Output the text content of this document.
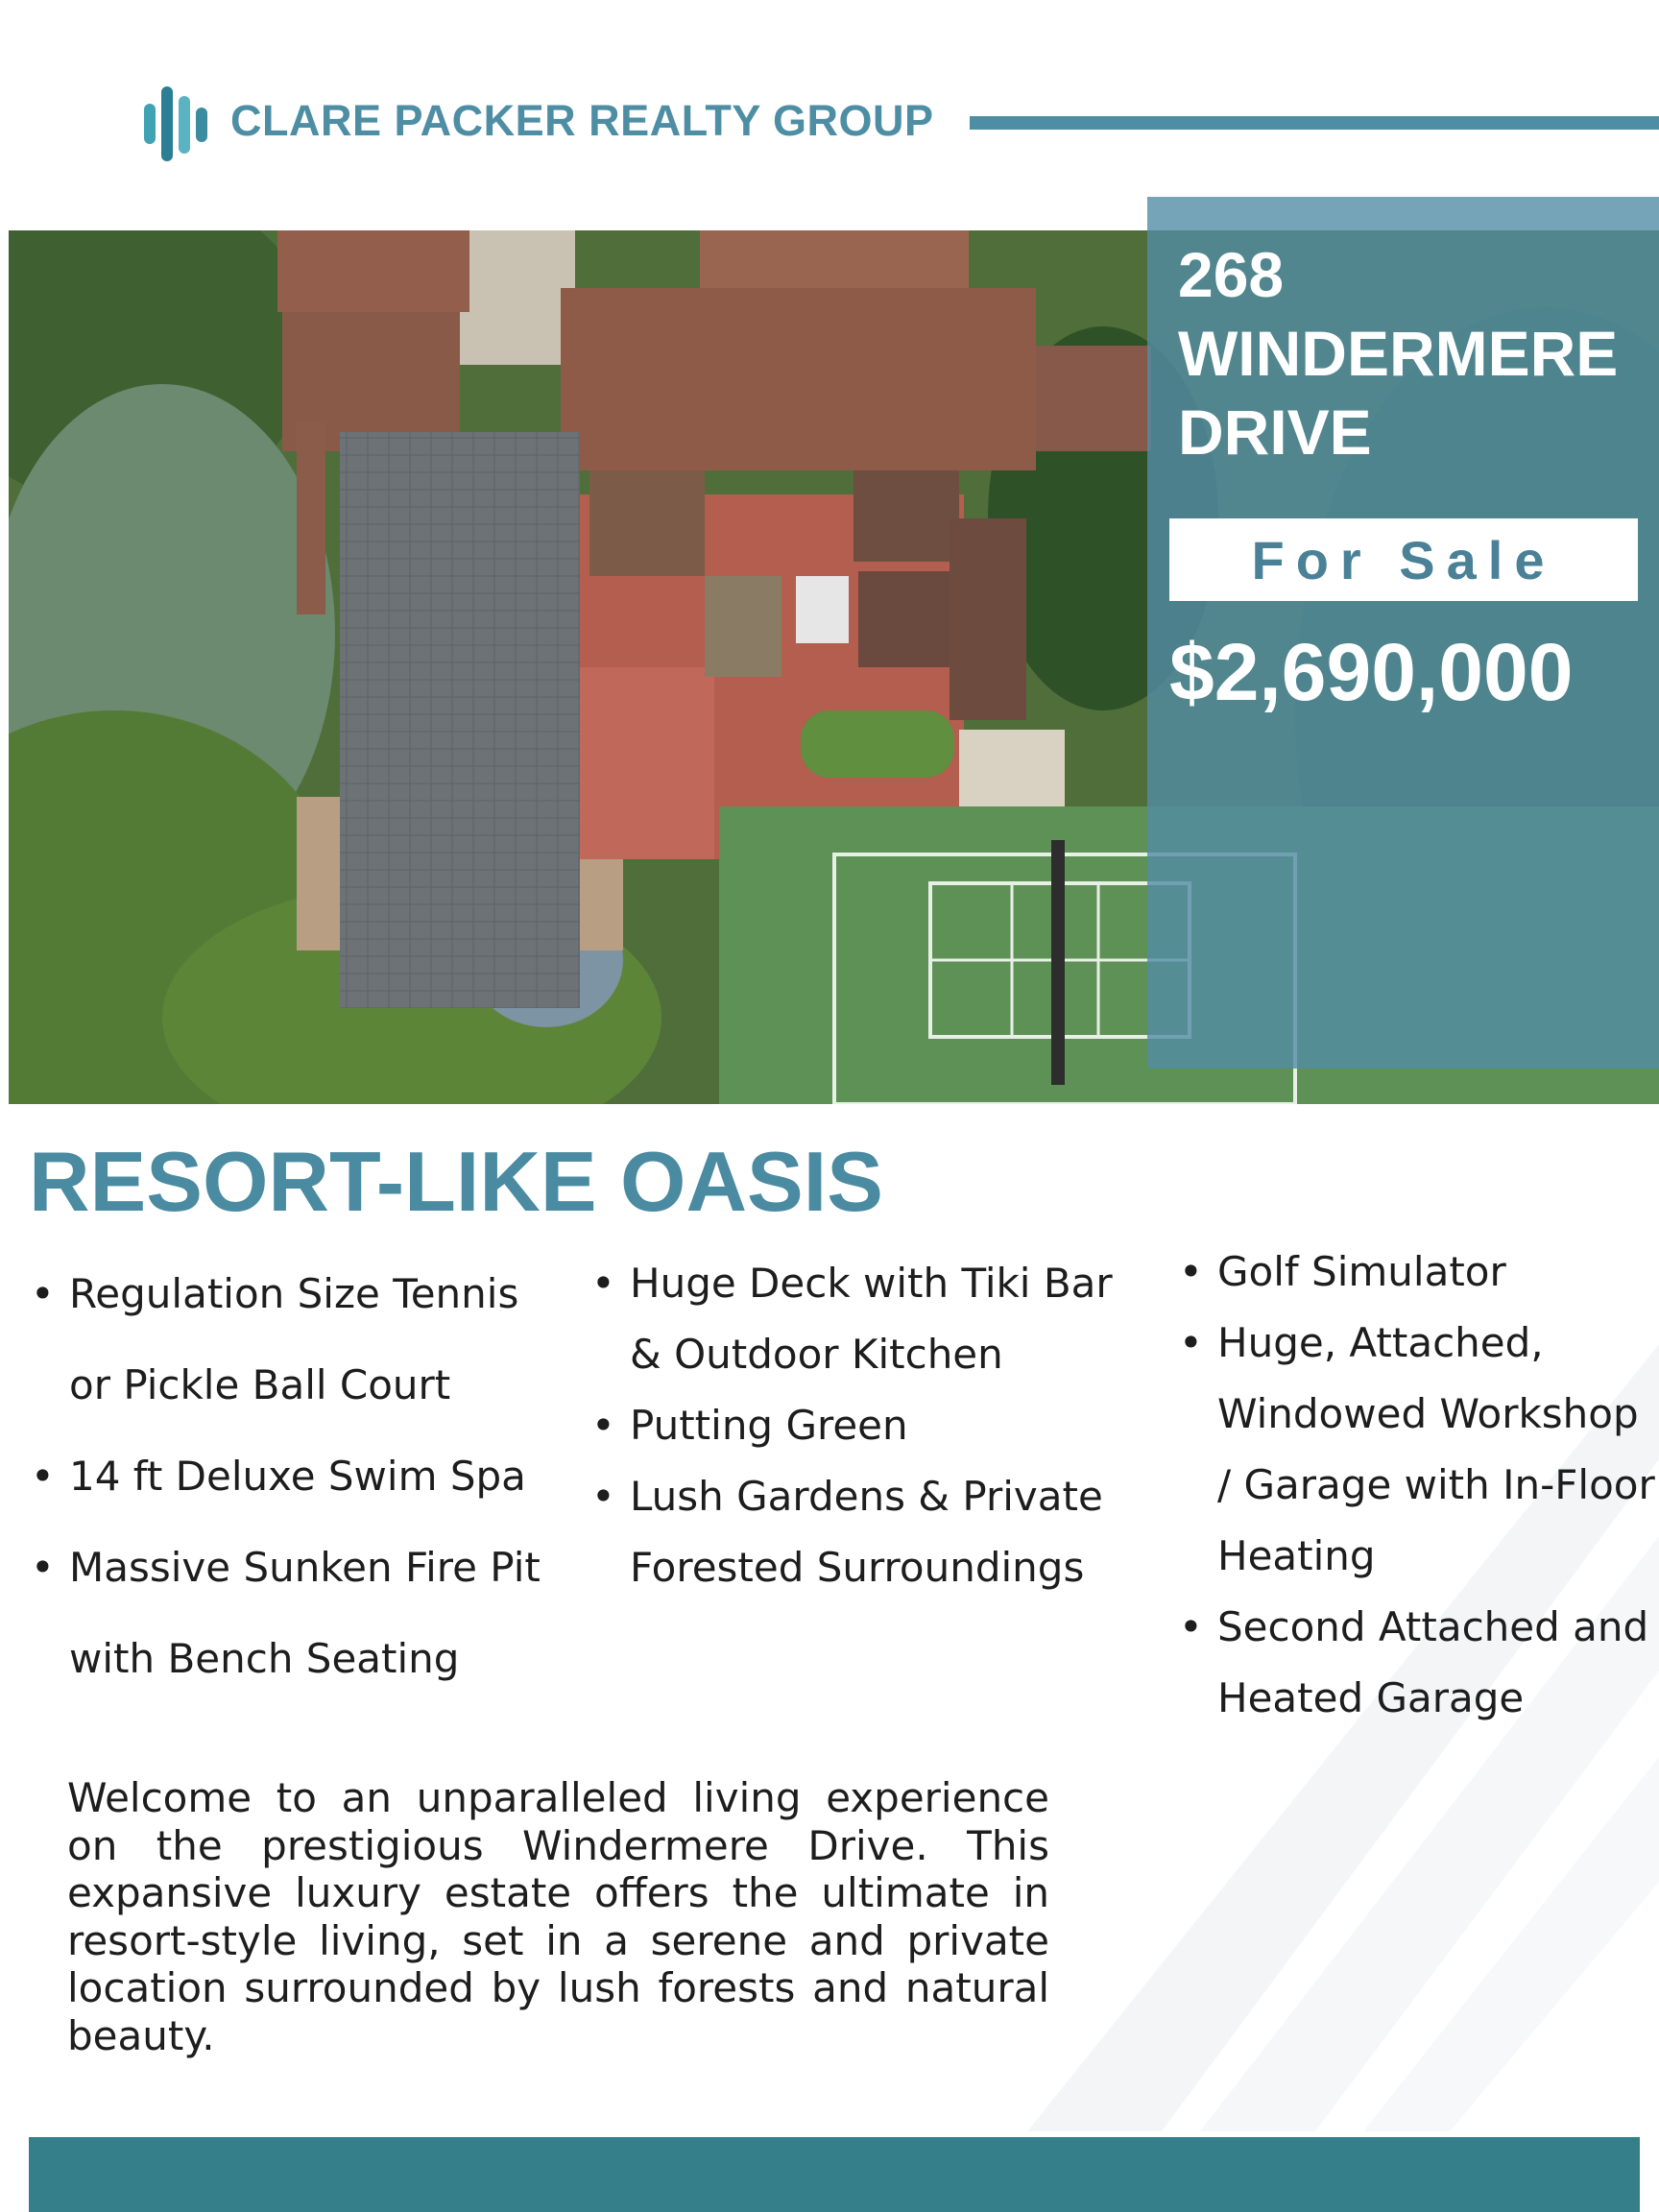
CLARE PACKER REALTY GROUP
268
WINDERMERE
DRIVE
For Sale
$2,690,000
RESORT-LIKE OASIS
• Regulation Size Tennis or Pickle Ball Court
• 14 ft Deluxe Swim Spa
• Massive Sunken Fire Pit with Bench Seating
• Huge Deck with Tiki Bar & Outdoor Kitchen
• Putting Green
• Lush Gardens & Private Forested Surroundings
• Golf Simulator
• Huge, Attached, Windowed Workshop / Garage with In-Floor Heating
• Second Attached and Heated Garage

Welcome to an unparalleled living experience on the prestigious Windermere Drive. This expansive luxury estate offers the ultimate in resort-style living, set in a serene and private location surrounded by lush forests and natural beauty.
